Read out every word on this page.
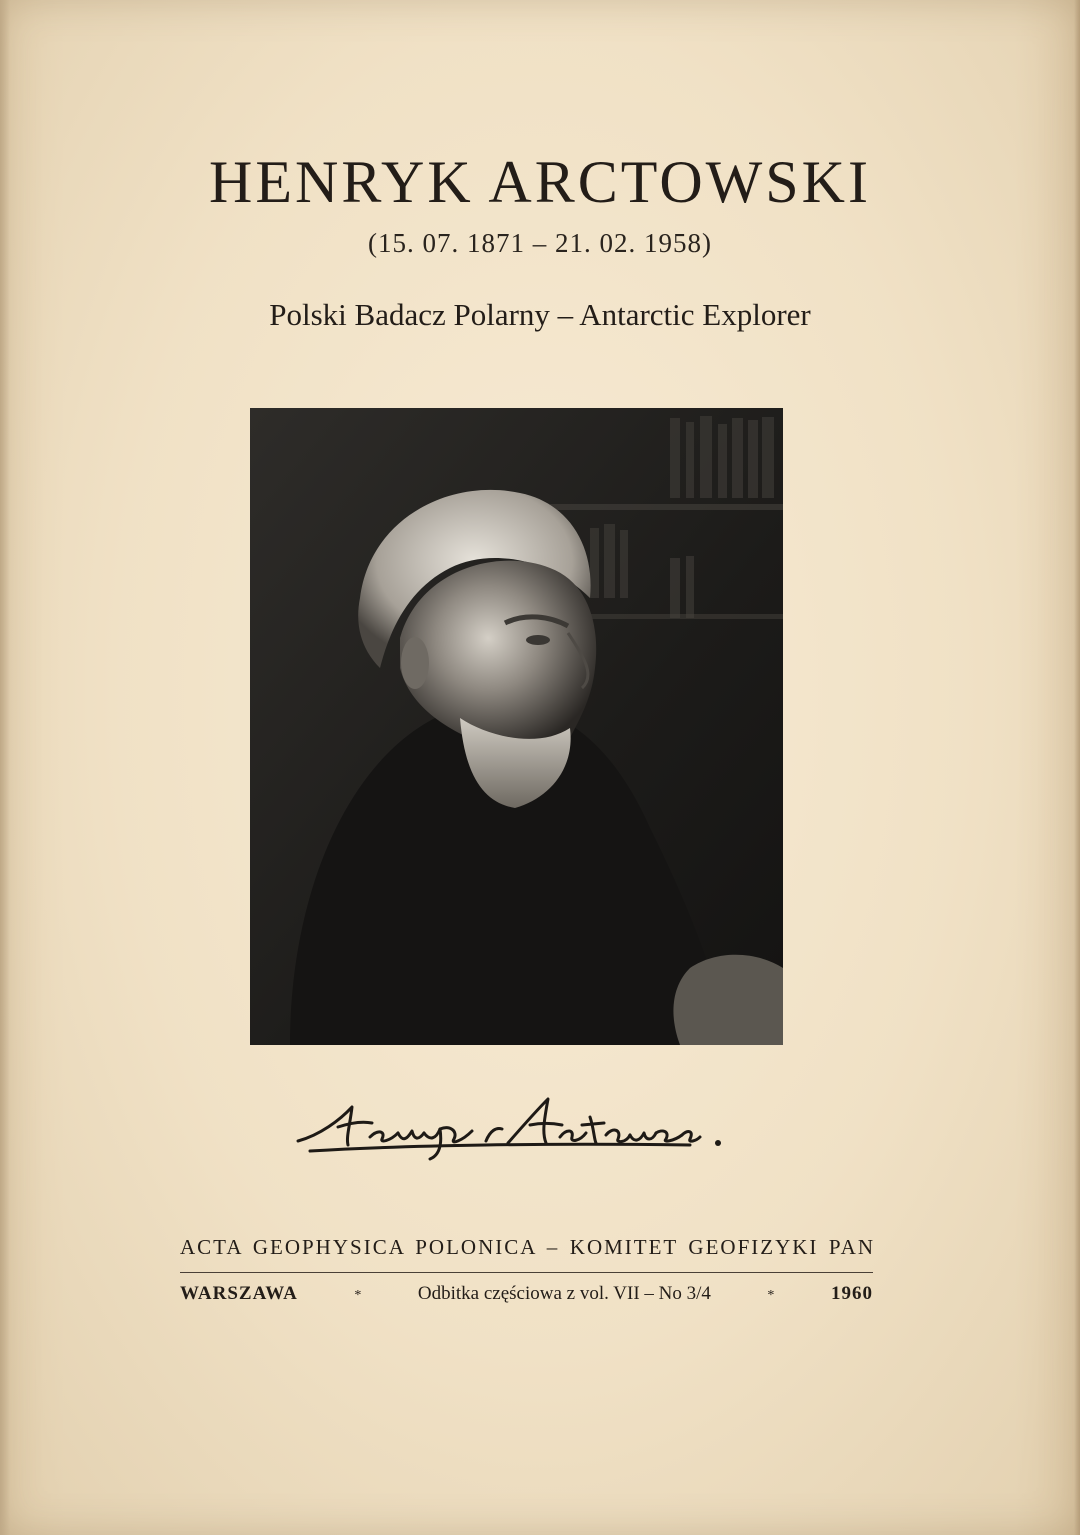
HENRYK ARCTOWSKI
(15. 07. 1871 – 21. 02. 1958)
Polski Badacz Polarny – Antarctic Explorer
ACTA GEOPHYSICA POLONICA – KOMITET GEOFIZYKI PAN
WARSZAWA	*	Odbitka częściowa z vol. VII – No 3/4	*	1960
